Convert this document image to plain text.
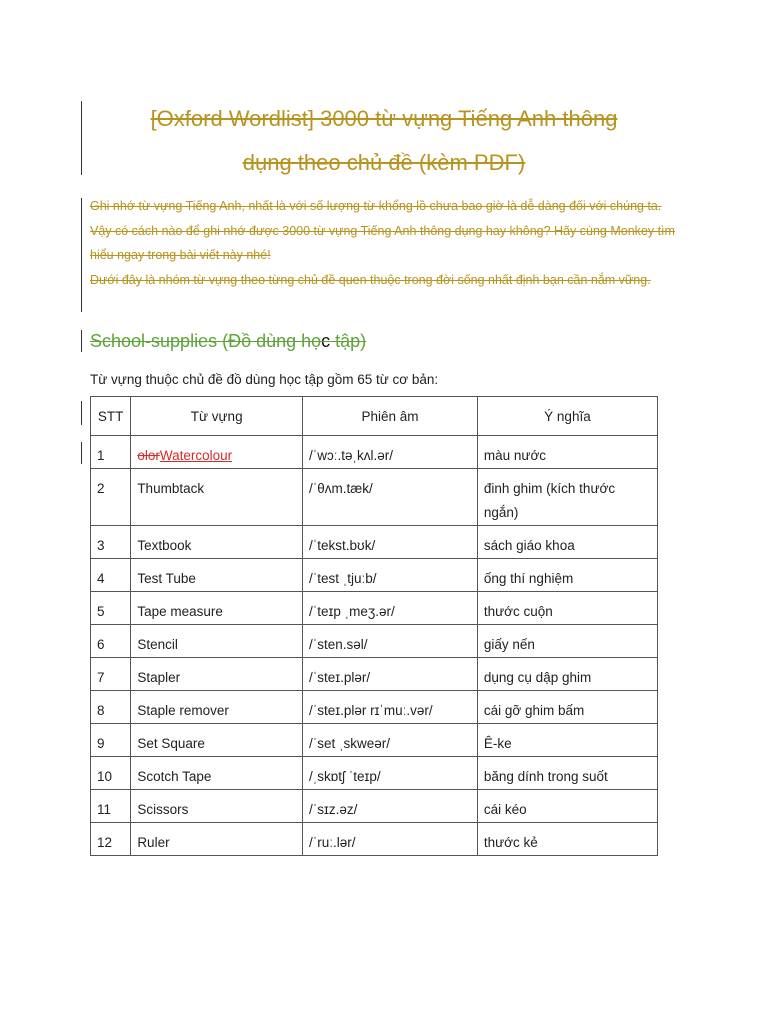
[Oxford Wordlist] 3000 từ vựng Tiếng Anh thông
dụng theo chủ đề (kèm PDF)

Ghi nhớ từ vựng Tiếng Anh, nhất là với số lượng từ khổng lồ chưa bao giờ là dễ dàng đối với chúng ta. Vậy có cách nào để ghi nhớ được 3000 từ vựng Tiếng Anh thông dụng hay không? Hãy cùng Monkey tìm hiểu ngay trong bài viết này nhé!

Dưới đây là nhóm từ vựng theo từng chủ đề quen thuộc trong đời sống nhất định bạn cần nắm vững.

School-supplies (Đồ dùng học tập)
Từ vựng thuộc chủ đề đồ dùng học tập gồm 65 từ cơ bản:
STT	Từ vựng	Phiên âm	Ý nghĩa
1	olorWatercolour	/ˈwɔː.təˌkʌl.ər/	màu nước
2	Thumbtack	/ˈθʌm.tæk/	đinh ghim (kích thước ngắn)
3	Textbook	/ˈtekst.bʊk/	sách giáo khoa
4	Test Tube	/ˈtest ˌtjuːb/	ống thí nghiệm
5	Tape measure	/ˈteɪp ˌmeʒ.ər/	thước cuộn
6	Stencil	/ˈsten.səl/	giấy nến
7	Stapler	/ˈsteɪ.plər/	dụng cụ dập ghim
8	Staple remover	/ˈsteɪ.plər rɪˈmuː.vər/	cái gỡ ghim bấm
9	Set Square	/ˈset ˌskweər/	Ê-ke
10	Scotch Tape	/ˌskɒtʃ ˈteɪp/	băng dính trong suốt
11	Scissors	/ˈsɪz.əz/	cái kéo
12	Ruler	/ˈruː.lər/	thước kẻ
